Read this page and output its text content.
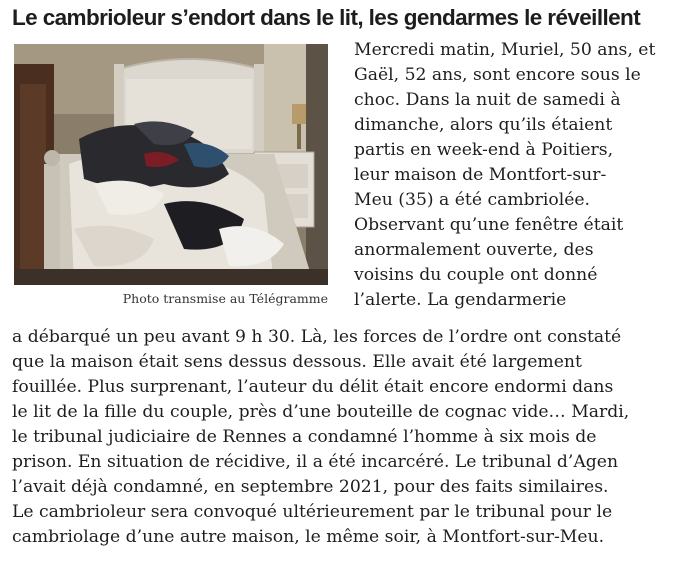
Le cambrioleur s’endort dans le lit, les gendarmes le réveillent
Photo transmise au Télégramme
Mercredi matin, Muriel, 50 ans, et
Gaël, 52 ans, sont encore sous le
choc. Dans la nuit de samedi à
dimanche, alors qu’ils étaient
partis en week-end à Poitiers,
leur maison de Montfort-sur-
Meu (35) a été cambriolée.
Observant qu’une fenêtre était
anormalement ouverte, des
voisins du couple ont donné
l’alerte. La gendarmerie
a débarqué un peu avant 9 h 30. Là, les forces de l’ordre ont constaté
que la maison était sens dessus dessous. Elle avait été largement
fouillée. Plus surprenant, l’auteur du délit était encore endormi dans
le lit de la fille du couple, près d’une bouteille de cognac vide… Mardi,
le tribunal judiciaire de Rennes a condamné l’homme à six mois de
prison. En situation de récidive, il a été incarcéré. Le tribunal d’Agen
l’avait déjà condamné, en septembre 2021, pour des faits similaires.
Le cambrioleur sera convoqué ultérieurement par le tribunal pour le
cambriolage d’une autre maison, le même soir, à Montfort-sur-Meu.
